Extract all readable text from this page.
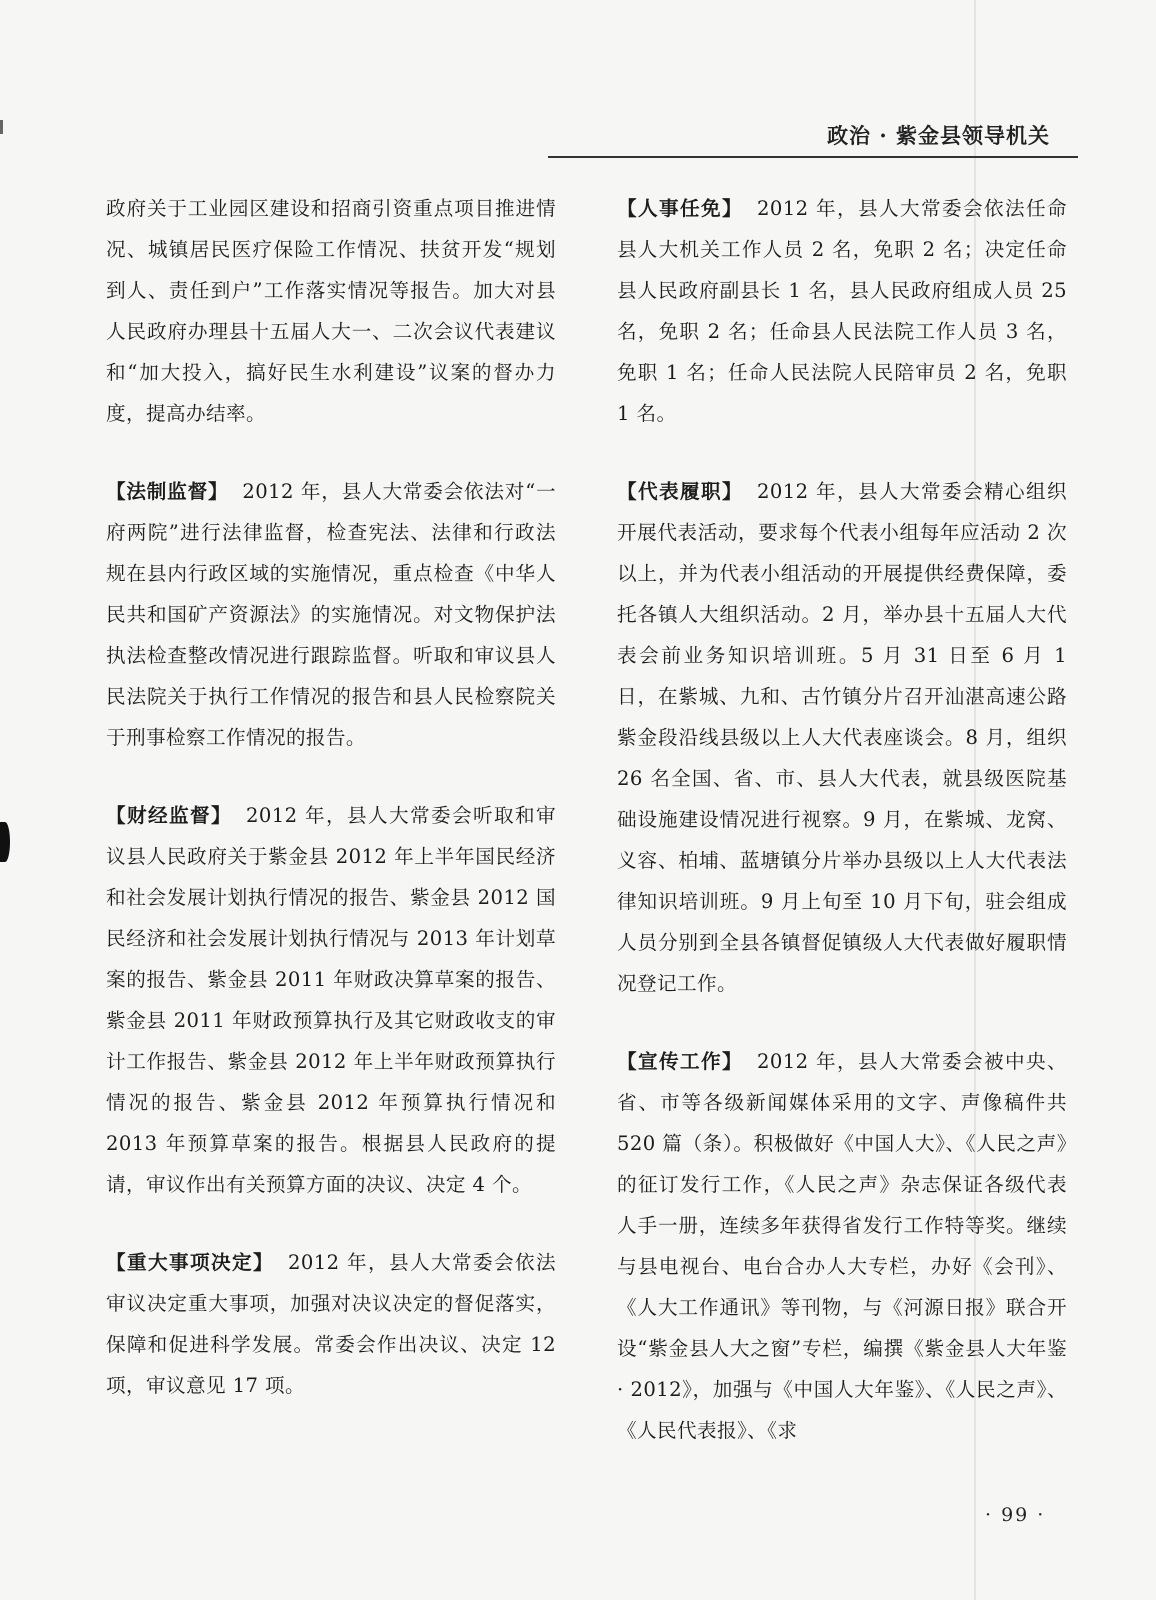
政治 · 紫金县领导机关

政府关于工业园区建设和招商引资重点项目推进情况、城镇居民医疗保险工作情况、扶贫开发“规划到人、责任到户”工作落实情况等报告。加大对县人民政府办理县十五届人大一、二次会议代表建议和“加大投入，搞好民生水利建设”议案的督办力度，提高办结率。

【法制监督】 2012 年，县人大常委会依法对“一府两院”进行法律监督，检查宪法、法律和行政法规在县内行政区域的实施情况，重点检查《中华人民共和国矿产资源法》的实施情况。对文物保护法执法检查整改情况进行跟踪监督。听取和审议县人民法院关于执行工作情况的报告和县人民检察院关于刑事检察工作情况的报告。

【财经监督】 2012 年，县人大常委会听取和审议县人民政府关于紫金县 2012 年上半年国民经济和社会发展计划执行情况的报告、紫金县 2012 国民经济和社会发展计划执行情况与 2013 年计划草案的报告、紫金县 2011 年财政决算草案的报告、紫金县 2011 年财政预算执行及其它财政收支的审计工作报告、紫金县 2012 年上半年财政预算执行情况的报告、紫金县 2012 年预算执行情况和 2013 年预算草案的报告。根据县人民政府的提请，审议作出有关预算方面的决议、决定 4 个。

【重大事项决定】 2012 年，县人大常委会依法审议决定重大事项，加强对决议决定的督促落实，保障和促进科学发展。常委会作出决议、决定 12 项，审议意见 17 项。

【人事任免】 2012 年，县人大常委会依法任命县人大机关工作人员 2 名，免职 2 名；决定任命县人民政府副县长 1 名，县人民政府组成人员 25 名，免职 2 名；任命县人民法院工作人员 3 名，免职 1 名；任命人民法院人民陪审员 2 名，免职 1 名。

【代表履职】 2012 年，县人大常委会精心组织开展代表活动，要求每个代表小组每年应活动 2 次以上，并为代表小组活动的开展提供经费保障，委托各镇人大组织活动。2 月，举办县十五届人大代表会前业务知识培训班。5 月 31 日至 6 月 1 日，在紫城、九和、古竹镇分片召开汕湛高速公路紫金段沿线县级以上人大代表座谈会。8 月，组织 26 名全国、省、市、县人大代表，就县级医院基础设施建设情况进行视察。9 月，在紫城、龙窝、义容、柏埔、蓝塘镇分片举办县级以上人大代表法律知识培训班。9 月上旬至 10 月下旬，驻会组成人员分别到全县各镇督促镇级人大代表做好履职情况登记工作。

【宣传工作】 2012 年，县人大常委会被中央、省、市等各级新闻媒体采用的文字、声像稿件共 520 篇（条）。积极做好《中国人大》、《人民之声》的征订发行工作，《人民之声》杂志保证各级代表人手一册，连续多年获得省发行工作特等奖。继续与县电视台、电台合办人大专栏，办好《会刊》、《人大工作通讯》等刊物，与《河源日报》联合开设“紫金县人大之窗”专栏，编撰《紫金县人大年鉴 · 2012》，加强与《中国人大年鉴》、《人民之声》、《人民代表报》、《求

· 99 ·
